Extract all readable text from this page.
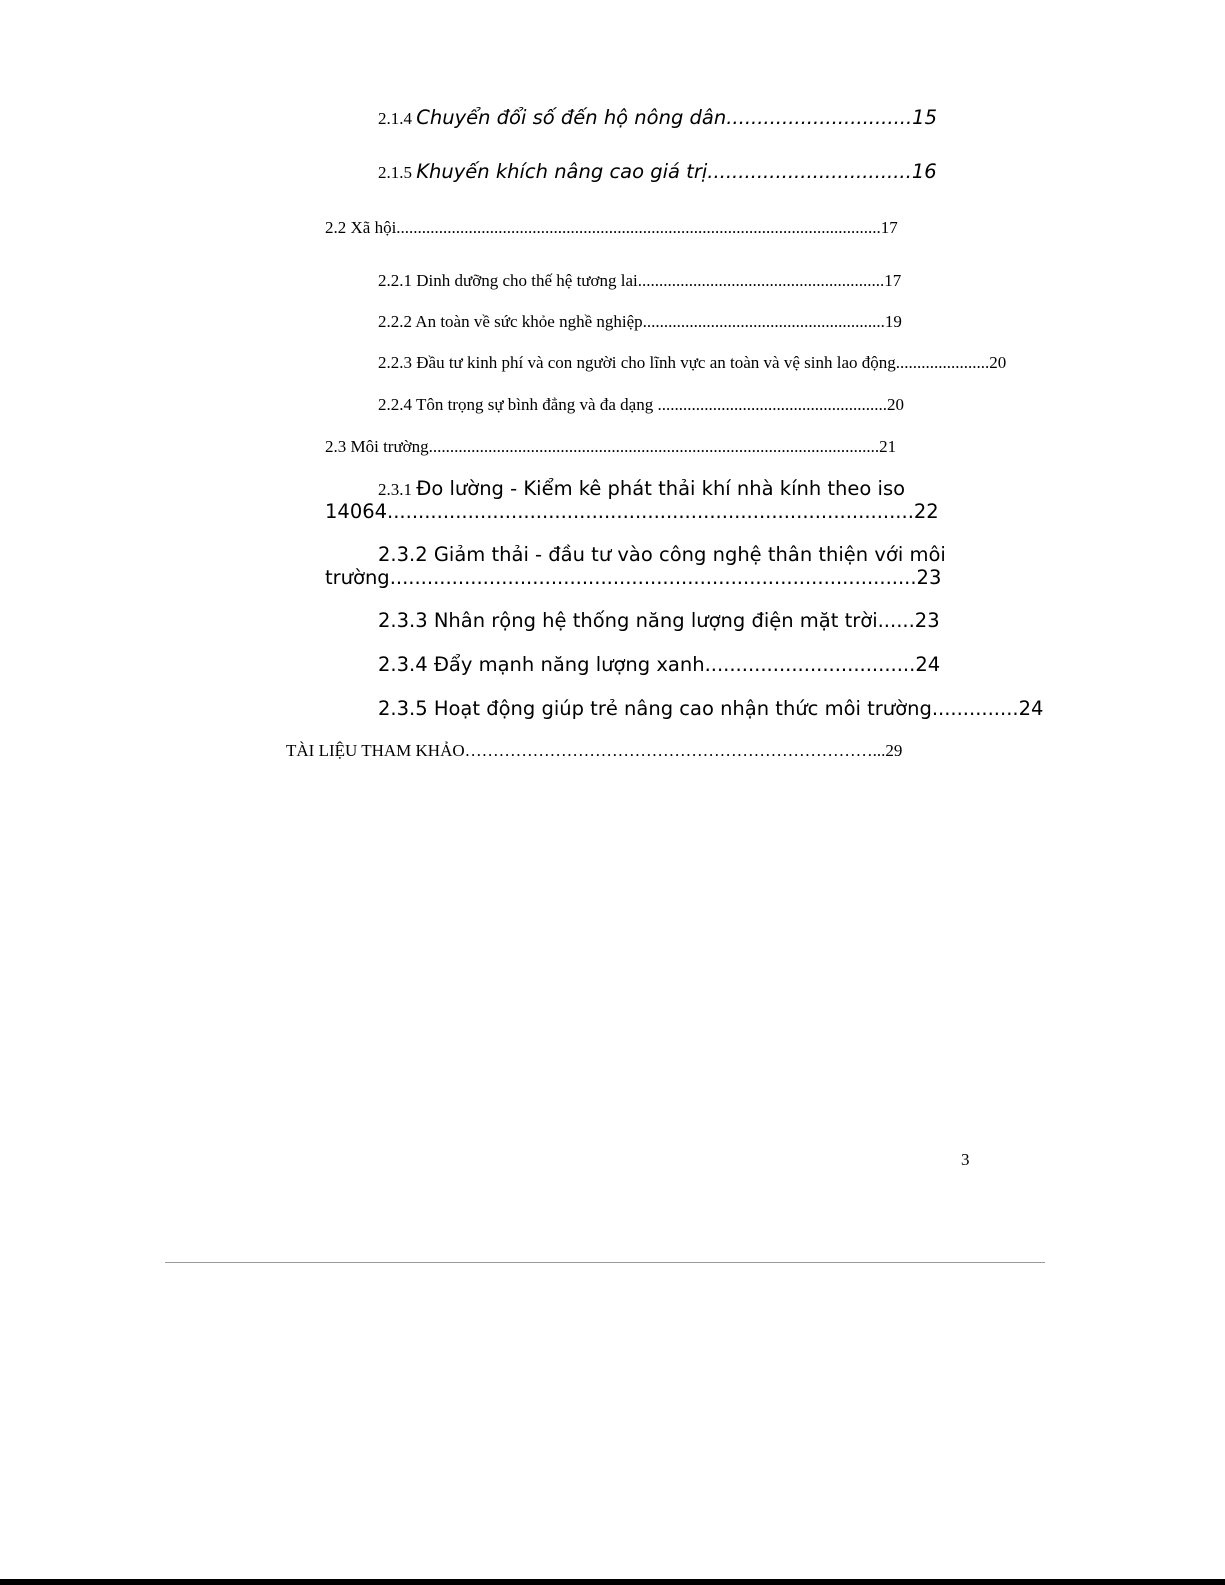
2.1.4 Chuyển đổi số đến hộ nông dân..............................15
2.1.5 Khuyến khích nâng cao giá trị.................................16
2.2 Xã hội..................................................................................................................17
2.2.1 Dinh dưỡng cho thế hệ tương lai..........................................................17
2.2.2 An toàn về sức khỏe nghề nghiệp.........................................................19
2.2.3 Đầu tư kinh phí và con người cho lĩnh vực an toàn và vệ sinh lao động......................20
2.2.4 Tôn trọng sự bình đẳng và đa dạng ......................................................20
2.3 Môi trường..........................................................................................................21
2.3.1 Đo lường - Kiểm kê phát thải khí nhà kính theo iso
14064.....................................................................................22
2.3.2 Giảm thải - đầu tư vào công nghệ thân thiện với môi
trường.....................................................................................23
2.3.3 Nhân rộng hệ thống năng lượng điện mặt trời......23
2.3.4 Đẩy mạnh năng lượng xanh..................................24
2.3.5 Hoạt động giúp trẻ nâng cao nhận thức môi trường..............24
TÀI LIỆU THAM KHẢO………………………………………………………………...29
3
